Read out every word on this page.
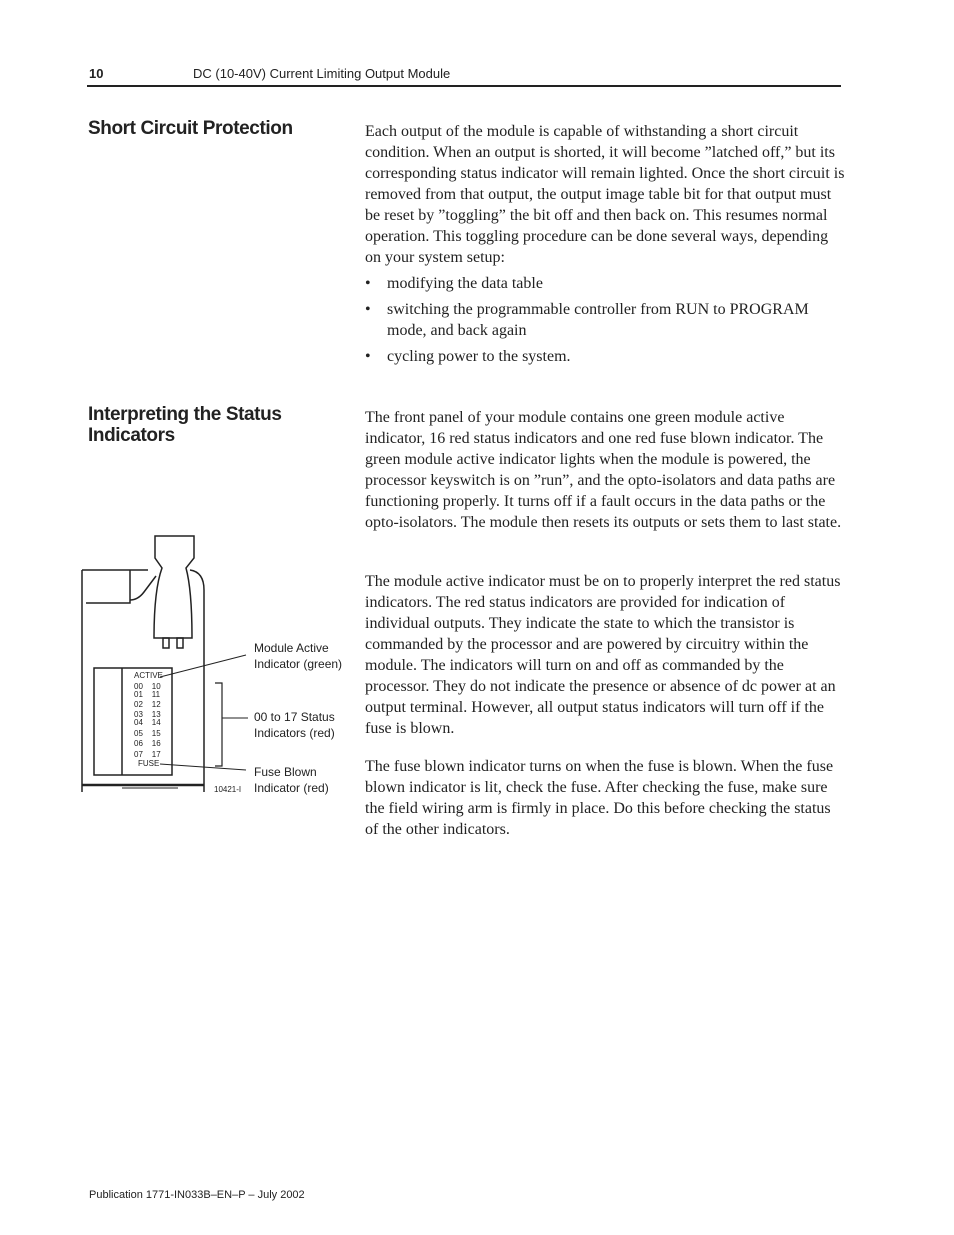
10	DC (10-40V) Current Limiting Output Module
Short Circuit Protection	Each output of the module is capable of withstanding a short circuit condition. When an output is shorted, it will become ”latched off,” but its corresponding status indicator will remain lighted. Once the short circuit is removed from that output, the output image table bit for that output must be reset by ”toggling” the bit off and then back on. This resumes normal operation. This toggling procedure can be done several ways, depending on your system setup:

• modifying the data table
• switching the programmable controller from RUN to PROGRAM mode, and back again
• cycling power to the system.
Interpreting the Status
Indicators

The front panel of your module contains one green module active indicator, 16 red status indicators and one red fuse blown indicator. The green module active indicator lights when the module is powered, the processor keyswitch is on ”run”, and the opto-isolators and data paths are functioning properly. It turns off if a fault occurs in the data paths or the opto-isolators. The module then resets its outputs or sets them to last state.

The module active indicator must be on to properly interpret the red status indicators. The red status indicators are provided for indication of individual outputs. They indicate the state to which the transistor is commanded by the processor and are powered by circuitry within the module. The indicators will turn on and off as commanded by the processor. They do not indicate the presence or absence of dc power at an output terminal. However, all output status indicators will turn off if the fuse is blown.

The fuse blown indicator turns on when the fuse is blown. When the fuse blown indicator is lit, check the fuse. After checking the fuse, make sure the field wiring arm is firmly in place. Do this before checking the status of the other indicators.

ACTIVE
00    10
01    11
02    12
03    13
04    14
05    15
06    16
07    17
FUSE
Module Active
Indicator (green)
00 to 17 Status
Indicators (red)
Fuse Blown
Indicator (red)
10421-I
Publication 1771-IN033B–EN–P – July 2002
